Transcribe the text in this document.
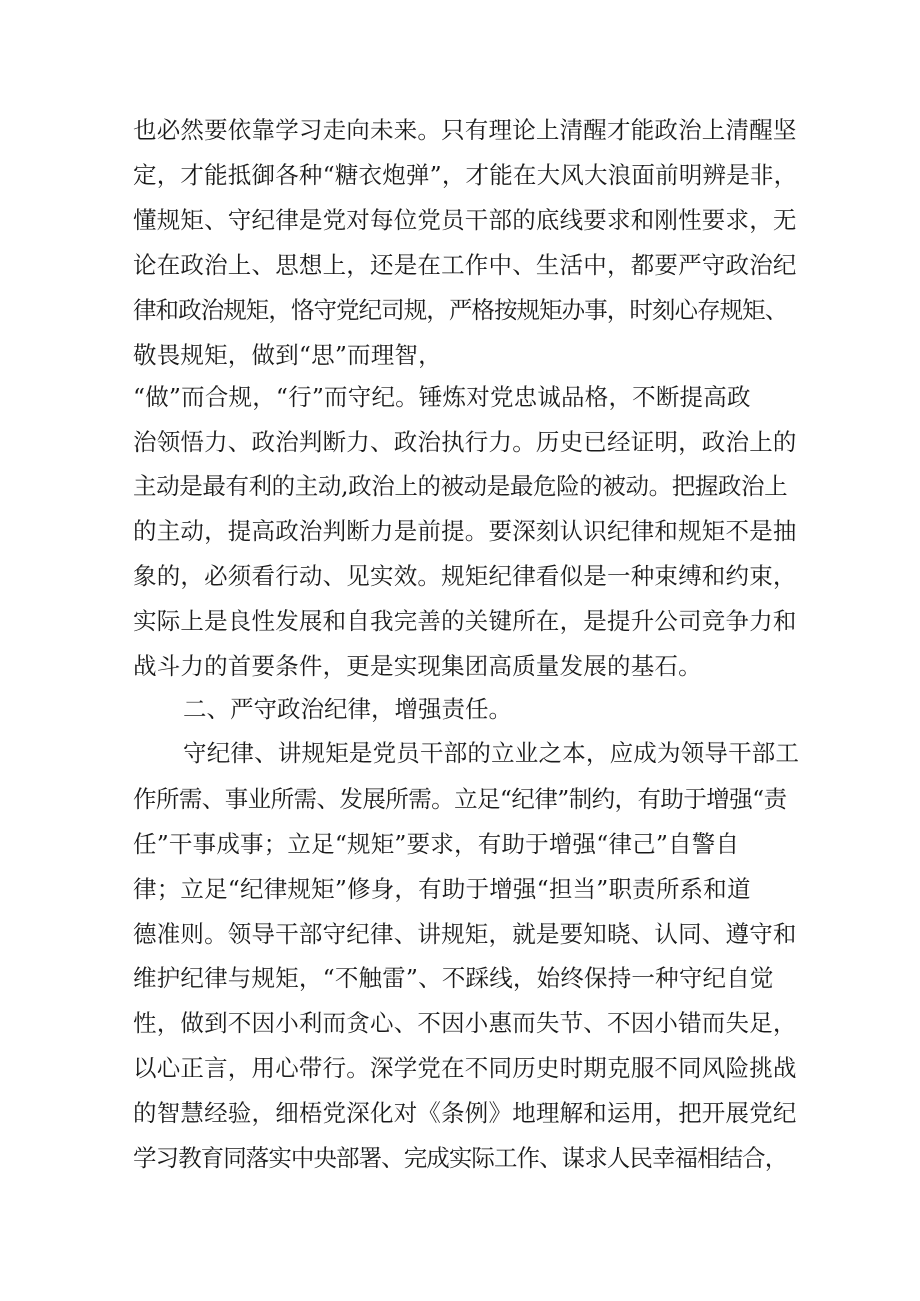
也必然要依靠学习走向未来。只有理论上清醒才能政治上清醒坚
定，才能抵御各种“糖衣炮弹”，才能在大风大浪面前明辨是非，
懂规矩、守纪律是党对每位党员干部的底线要求和刚性要求，无
论在政治上、思想上，还是在工作中、生活中，都要严守政治纪
律和政治规矩，恪守党纪司规，严格按规矩办事，时刻心存规矩、
敬畏规矩，做到“思”而理智，
“做”而合规，“行”而守纪。锤炼对党忠诚品格，不断提高政
治领悟力、政治判断力、政治执行力。历史已经证明，政治上的
主动是最有利的主动,政治上的被动是最危险的被动。把握政治上
的主动，提高政治判断力是前提。要深刻认识纪律和规矩不是抽
象的，必须看行动、见实效。规矩纪律看似是一种束缚和约束，
实际上是良性发展和自我完善的关键所在，是提升公司竞争力和
战斗力的首要条件，更是实现集团高质量发展的基石。
二、严守政治纪律，增强责任。
守纪律、讲规矩是党员干部的立业之本，应成为领导干部工
作所需、事业所需、发展所需。立足“纪律”制约，有助于增强“责
任”干事成事；立足“规矩”要求，有助于增强“律己”自警自
律；立足“纪律规矩”修身，有助于增强“担当”职责所系和道
德准则。领导干部守纪律、讲规矩，就是要知晓、认同、遵守和
维护纪律与规矩，“不触雷”、不踩线，始终保持一种守纪自觉
性，做到不因小利而贪心、不因小惠而失节、不因小错而失足，
以心正言，用心带行。深学党在不同历史时期克服不同风险挑战
的智慧经验，细梧党深化对《条例》地理解和运用，把开展党纪
学习教育同落实中央部署、完成实际工作、谋求人民幸福相结合，
